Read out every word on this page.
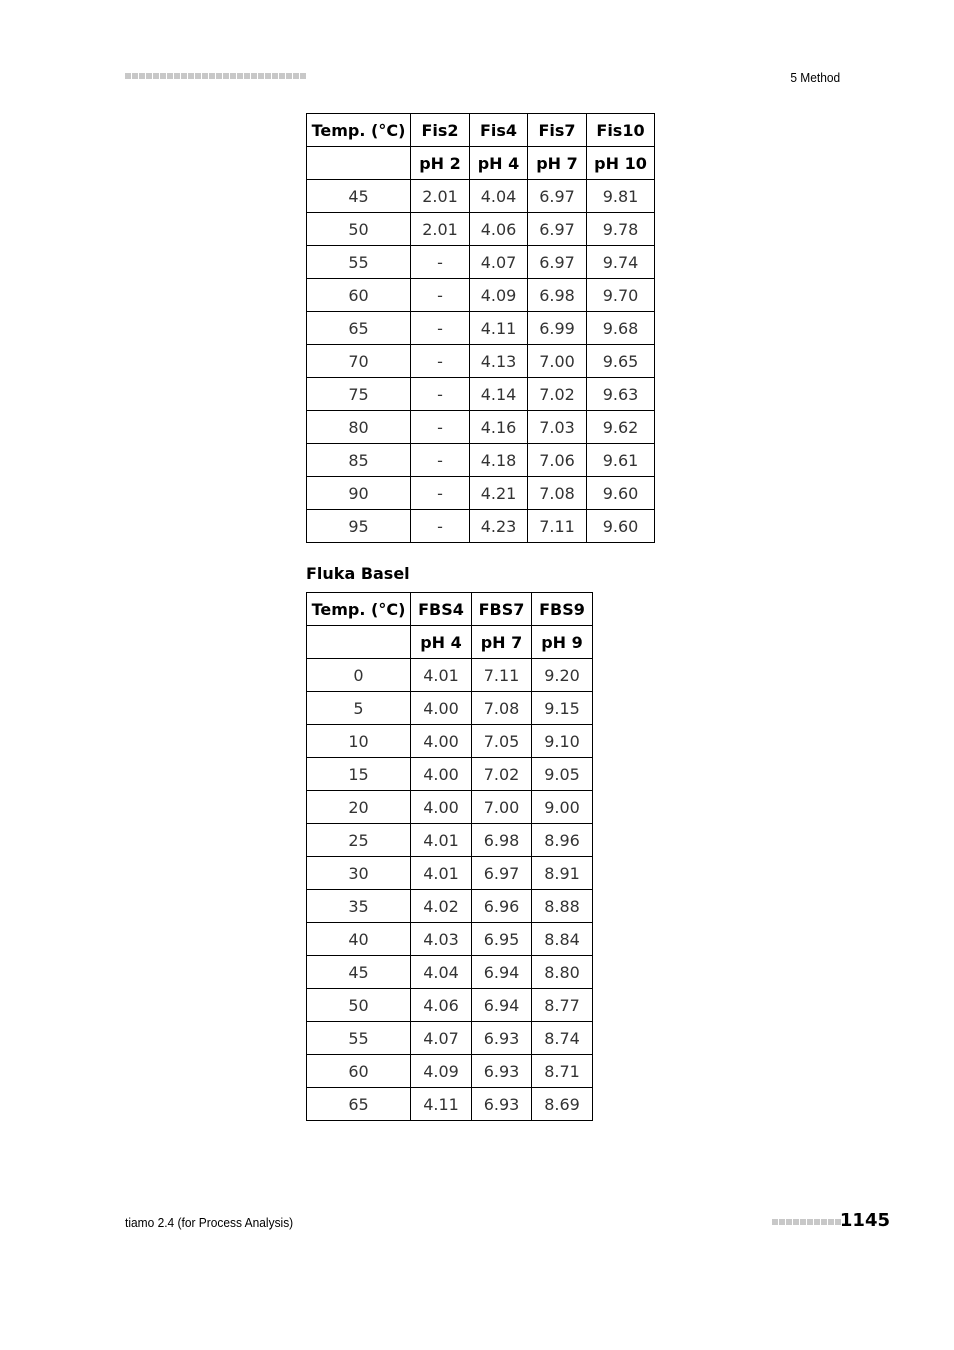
5 Method
Temp. (°C)	Fis2	Fis4	Fis7	Fis10
	pH 2	pH 4	pH 7	pH 10
45	2.01	4.04	6.97	9.81
50	2.01	4.06	6.97	9.78
55	-	4.07	6.97	9.74
60	-	4.09	6.98	9.70
65	-	4.11	6.99	9.68
70	-	4.13	7.00	9.65
75	-	4.14	7.02	9.63
80	-	4.16	7.03	9.62
85	-	4.18	7.06	9.61
90	-	4.21	7.08	9.60
95	-	4.23	7.11	9.60
Fluka Basel
Temp. (°C)	FBS4	FBS7	FBS9
	pH 4	pH 7	pH 9
0	4.01	7.11	9.20
5	4.00	7.08	9.15
10	4.00	7.05	9.10
15	4.00	7.02	9.05
20	4.00	7.00	9.00
25	4.01	6.98	8.96
30	4.01	6.97	8.91
35	4.02	6.96	8.88
40	4.03	6.95	8.84
45	4.04	6.94	8.80
50	4.06	6.94	8.77
55	4.07	6.93	8.74
60	4.09	6.93	8.71
65	4.11	6.93	8.69
tiamo 2.4 (for Process Analysis)	1145
